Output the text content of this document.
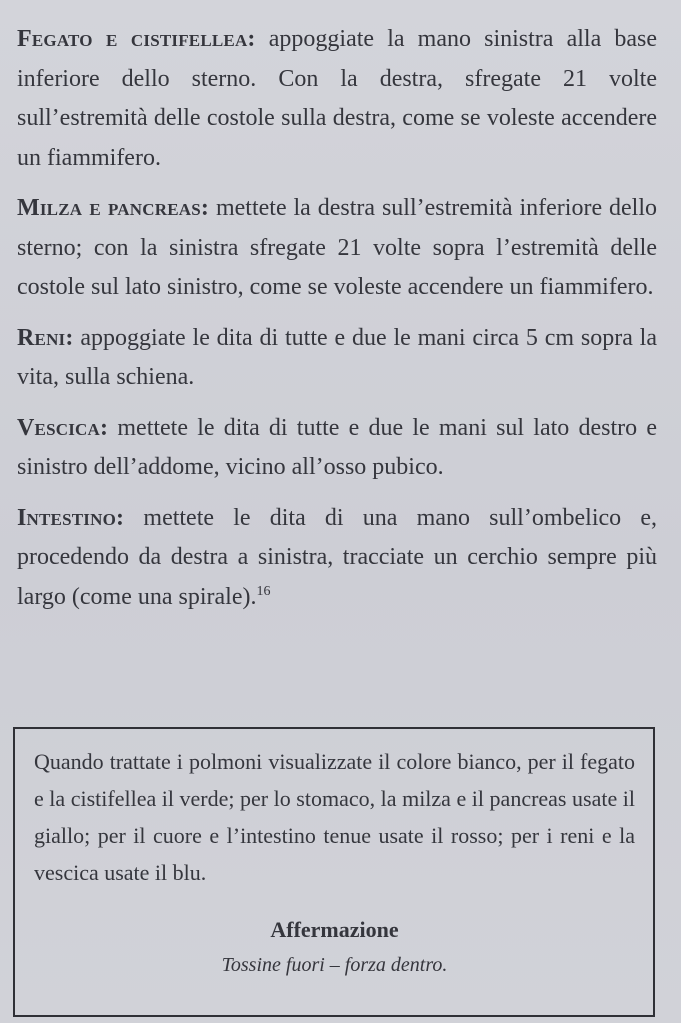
Fegato e cistifellea: appoggiate la mano sinistra alla base inferiore dello sterno. Con la destra, sfregate 21 volte sull’estremità delle costole sulla destra, come se voleste accendere un fiammifero.

Milza e pancreas: mettete la destra sull’estremità inferiore dello sterno; con la sinistra sfregate 21 volte sopra l’estremità delle costole sul lato sinistro, come se voleste accendere un fiammifero.

Reni: appoggiate le dita di tutte e due le mani circa 5 cm sopra la vita, sulla schiena.

Vescica: mettete le dita di tutte e due le mani sul lato destro e sinistro dell’addome, vicino all’osso pubico.

Intestino: mettete le dita di una mano sull’ombelico e, procedendo da destra a sinistra, tracciate un cerchio sempre più largo (come una spirale).$^{16}$

Quando trattate i polmoni visualizzate il colore bianco, per il fegato e la cistifellea il verde; per lo stomaco, la milza e il pancreas usate il giallo; per il cuore e l’intestino tenue usate il rosso; per i reni e la vescica usate il blu.

Affermazione
Tossine fuori – forza dentro.
